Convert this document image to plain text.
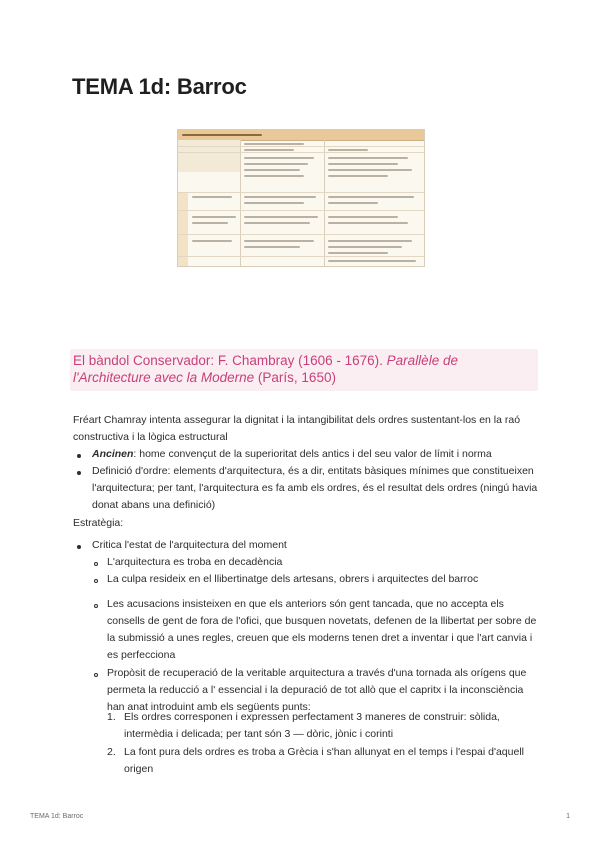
TEMA 1d: Barroc
El bàndol Conservador: F. Chambray (1606 - 1676). Parallèle de l'Architecture avec la Moderne (París, 1650)

Fréart Chamray intenta assegurar la dignitat i la intangibilitat dels ordres sustentant-los en la raó constructiva i la lògica estructural

Ancinen: home convençut de la superioritat dels antics i del seu valor de límit i norma
Definició d'ordre: elements d'arquitectura, és a dir, entitats bàsiques mínimes que constitueixen l'arquitectura; per tant, l'arquitectura es fa amb els ordres, és el resultat dels ordres (ningú havia donat abans una definició)

Estratègia:

Critica l'estat de l'arquitectura del moment
L'arquitectura es troba en decadència
La culpa resideix en el llibertinatge dels artesans, obrers i arquitectes del barroc
Les acusacions insisteixen en que els anteriors són gent tancada, que no accepta els consells de gent de fora de l'ofici, que busquen novetats, defenen de la llibertat per sobre de la submissió a unes regles, creuen que els moderns tenen dret a inventar i que l'art canvia i es perfecciona
Propòsit de recuperació de la veritable arquitectura a través d'una tornada als orígens que permeta la reducció a l' essencial i la depuració de tot allò que el capritx i la inconsciència han anat introduint amb els següents punts:
1. Els ordres corresponen i expressen perfectament 3 maneres de construir: sòlida, intermèdia i delicada; per tant són 3 — dòric, jònic i corinti
2. La font pura dels ordres es troba a Grècia i s'han allunyat en el temps i l'espai d'aquell origen
TEMA 1d: Barroc	1
